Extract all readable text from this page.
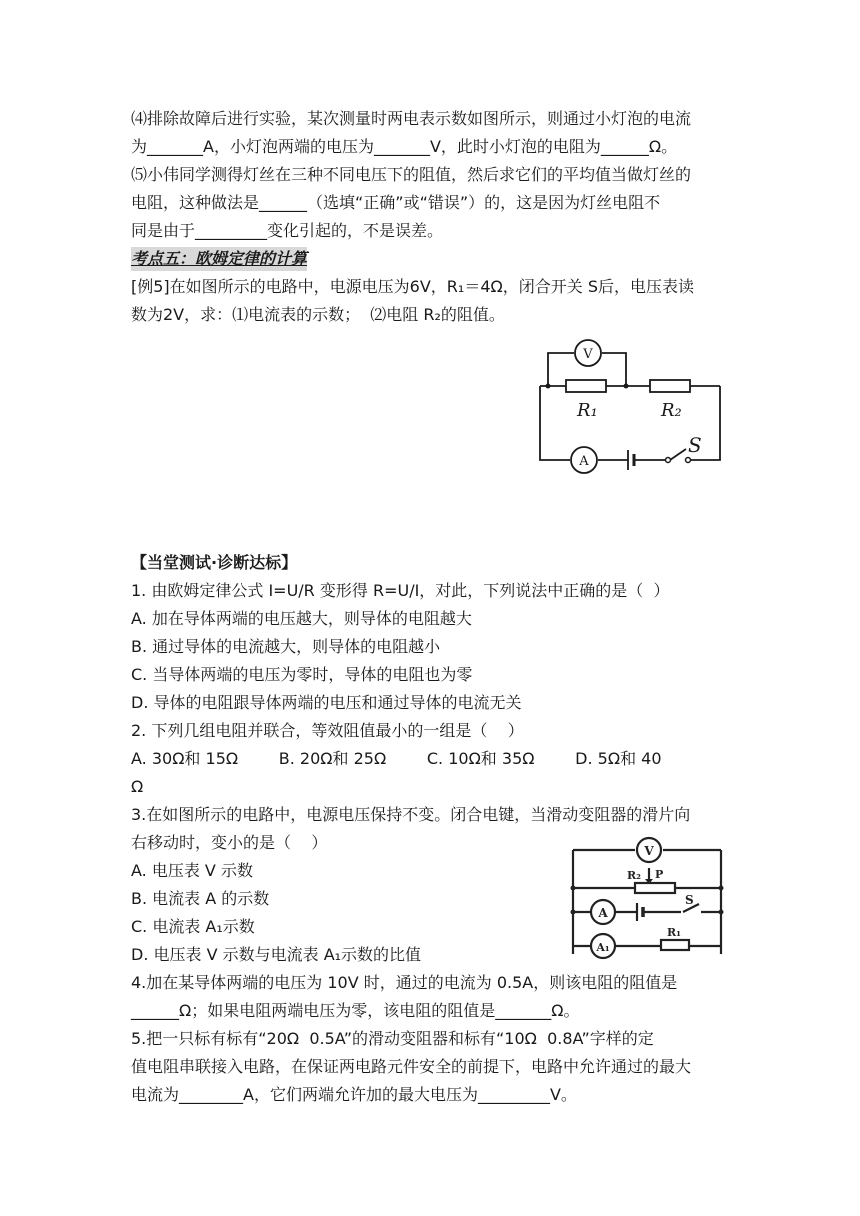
⑷排除故障后进行实验，某次测量时两电表示数如图所示，则通过小灯泡的电流
为_______A，小灯泡两端的电压为_______V，此时小灯泡的电阻为______Ω。
⑸小伟同学测得灯丝在三种不同电压下的阻值，然后求它们的平均值当做灯丝的
电阻，这种做法是______（选填“正确”或“错误”）的，这是因为灯丝电阻不
同是由于_________变化引起的，不是误差。
考点五：欧姆定律的计算
[例5]在如图所示的电路中，电源电压为6V，R₁＝4Ω，闭合开关 S后，电压表读
数为2V，求：⑴电流表的示数；  ⑵电阻 R₂的阻值。
V
A
R₁	R₂
S
【当堂测试·诊断达标】
1. 由欧姆定律公式 I=U/R 变形得 R=U/I，对此，下列说法中正确的是（  ）
A. 加在导体两端的电压越大，则导体的电阻越大
B. 通过导体的电流越大，则导体的电阻越小
C. 当导体两端的电压为零时，导体的电阻也为零
D. 导体的电阻跟导体两端的电压和通过导体的电流无关
2. 下列几组电阻并联合，等效阻值最小的一组是（    ）
A. 30Ω和 15Ω        B. 20Ω和 25Ω        C. 10Ω和 35Ω        D. 5Ω和 40
Ω
3.在如图所示的电路中，电源电压保持不变。闭合电键，当滑动变阻器的滑片向
右移动时，变小的是（    ）
A. 电压表 V 示数
B. 电流表 A 的示数
C. 电流表 A₁示数
D. 电压表 V 示数与电流表 A₁示数的比值
V
A
A₁
R₂ P
S
R₁
4.加在某导体两端的电压为 10V 时，通过的电流为 0.5A，则该电阻的阻值是
______Ω；如果电阻两端电压为零，该电阻的阻值是_______Ω。
5.把一只标有标有“20Ω  0.5A”的滑动变阻器和标有“10Ω  0.8A”字样的定
值电阻串联接入电路，在保证两电路元件安全的前提下，电路中允许通过的最大
电流为________A，它们两端允许加的最大电压为_________V。
